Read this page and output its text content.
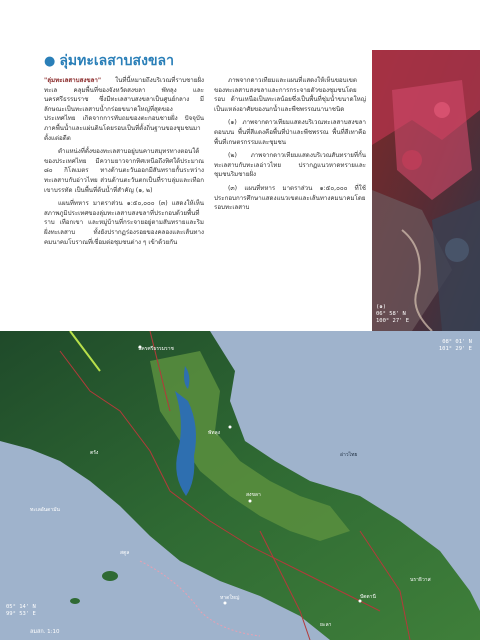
● ลุ่มทะเลสาบสงขลา

"ลุ่มทะเลสาบสงขลา" ในที่นี้หมายถึงบริเวณที่ราบชายฝั่งทะเล คลุมพื้นที่ของจังหวัดสงขลา พัทลุง และนครศรีธรรมราช ซึ่งมีทะเลสาบสงขลาเป็นศูนย์กลาง มีลักษณะเป็นทะเลสาบน้ำกร่อยขนาดใหญ่ที่สุดของประเทศไทย เกิดจากการทับถมของตะกอนชายฝั่ง ปัจจุบันภาคพื้นน้ำและแผ่นดินโดยรอบเป็นที่ตั้งถิ่นฐานของชุมชนมาตั้งแต่อดีต

ตำแหน่งที่ตั้งของทะเลสาบอยู่บนคาบสมุทรทางตอนใต้ของประเทศไทย มีความยาวจากทิศเหนือถึงทิศใต้ประมาณ ๘๐ กิโลเมตร ทางด้านตะวันออกมีสันทรายกั้นระหว่างทะเลสาบกับอ่าวไทย ส่วนด้านตะวันตกเป็นที่ราบลุ่มและเทือกเขาบรรทัด เป็นพื้นที่ต้นน้ำที่สำคัญ (๑, ๒)

แผนที่ทหาร มาตราส่วน ๑:๕๐,๐๐๐ (๓) แสดงให้เห็นสภาพภูมิประเทศของลุ่มทะเลสาบสงขลาที่ประกอบด้วยพื้นที่ราบ เทือกเขา และหมู่บ้านที่กระจายอยู่ตามสันทรายและริมฝั่งทะเลสาบ ทั้งยังปรากฏร่องรอยของคลองและเส้นทางคมนาคมโบราณที่เชื่อมต่อชุมชนต่าง ๆ เข้าด้วยกัน

ภาพจากดาวเทียมและแผนที่แสดงให้เห็นขอบเขตของทะเลสาบสงขลาและการกระจายตัวของชุมชนโดยรอบ ด้านเหนือเป็นทะเลน้อยซึ่งเป็นพื้นที่ชุ่มน้ำขนาดใหญ่ เป็นแหล่งอาศัยของนกน้ำและพืชพรรณนานาชนิด

(๑) ภาพจากดาวเทียมแสดงบริเวณทะเลสาบสงขลาตอนบน พื้นที่สีแดงคือพื้นที่ป่าและพืชพรรณ พื้นที่สีเทาคือพื้นที่เกษตรกรรมและชุมชน

(๒) ภาพจากดาวเทียมแสดงบริเวณสันทรายที่กั้นทะเลสาบกับทะเลอ่าวไทย ปรากฏแนวหาดทรายและชุมชนริมชายฝั่ง

(๓) แผนที่ทหาร มาตราส่วน ๑:๕๐,๐๐๐ ที่ใช้ประกอบการศึกษาแสดงแนวเขตและเส้นทางคมนาคมโดยรอบทะเลสาบ

(๑)
06° 58' N
100° 27' E
08° 01' N
101° 29' E
05° 14' N
99° 53' E
ลมสก. 1:10
นครศรีธรรมราช
พัทลุง
สงขลา
อ่าวไทย
ทะเลอันดามัน
สตูล
ปัตตานี
หาดใหญ่
ตรัง
ยะลา
นราธิวาส
